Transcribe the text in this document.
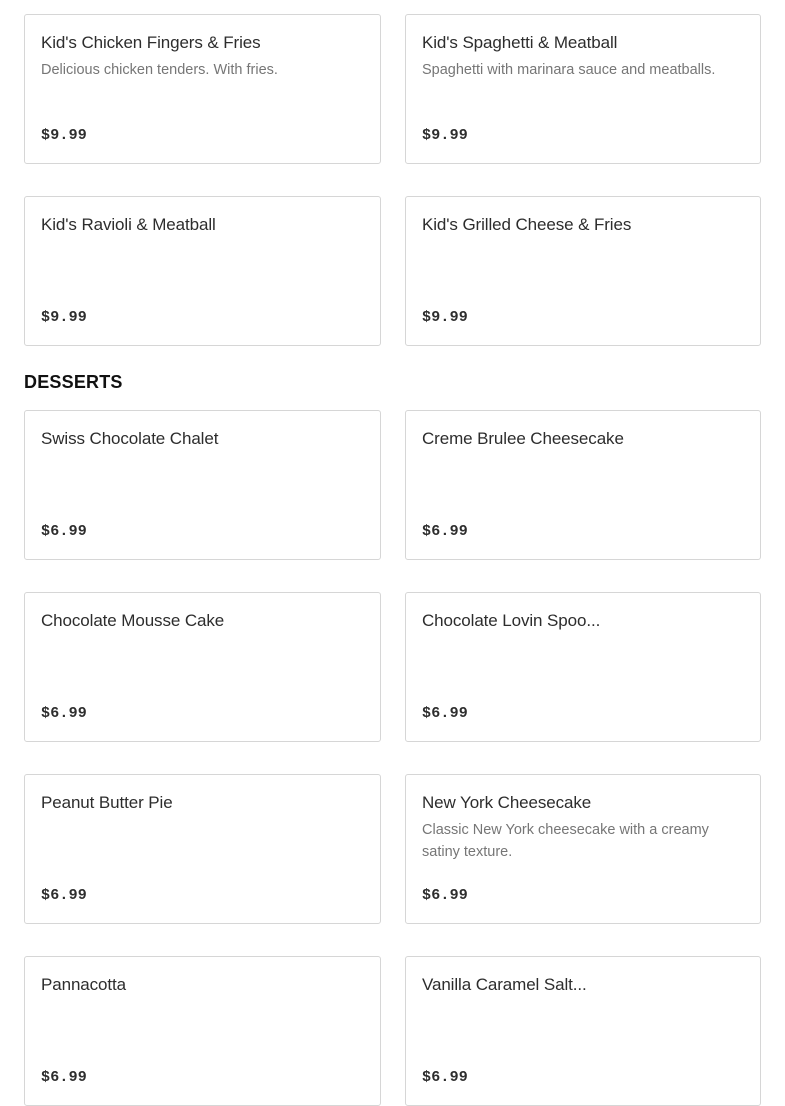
Kid's Chicken Fingers & Fries
Delicious chicken tenders. With fries.
$9.99
Kid's Spaghetti & Meatball
Spaghetti with marinara sauce and meatballs.
$9.99
Kid's Ravioli & Meatball
$9.99
Kid's Grilled Cheese & Fries
$9.99
DESSERTS
Swiss Chocolate Chalet
$6.99
Creme Brulee Cheesecake
$6.99
Chocolate Mousse Cake
$6.99
Chocolate Lovin Spoo...
$6.99
Peanut Butter Pie
$6.99
New York Cheesecake
Classic New York cheesecake with a creamy satiny texture.
$6.99
Pannacotta
$6.99
Vanilla Caramel Salt...
$6.99
